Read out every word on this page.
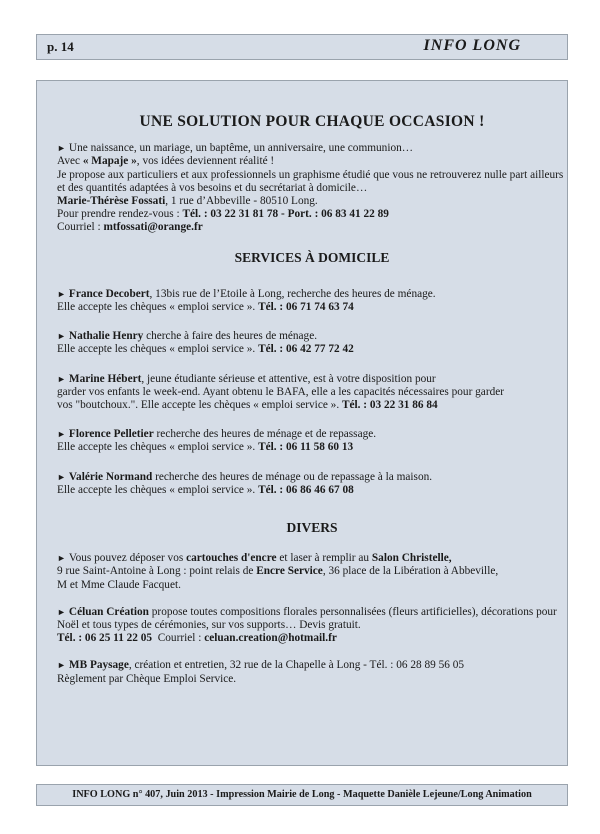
p. 14	INFO LONG
UNE SOLUTION POUR CHAQUE OCCASION !

► Une naissance, un mariage, un baptême, un anniversaire, une communion…

Avec « Mapaje », vos idées deviennent réalité !

Je propose aux particuliers et aux professionnels un graphisme étudié que vous ne retrouverez nulle part ailleurs et des quantités adaptées à vos besoins et du secrétariat à domicile…

Marie-Thérèse Fossati, 1 rue d’Abbeville - 80510 Long.

Pour prendre rendez-vous : Tél. : 03 22 31 81 78 - Port. : 06 83 41 22 89

Courriel : mtfossati@orange.fr

SERVICES À DOMICILE

► France Decobert, 13bis rue de l’Etoile à Long, recherche des heures de ménage.

Elle accepte les chèques « emploi service ». Tél. : 06 71 74 63 74

► Nathalie Henry cherche à faire des heures de ménage.

Elle accepte les chèques « emploi service ». Tél. : 06 42 77 72 42

► Marine Hébert, jeune étudiante sérieuse et attentive, est à votre disposition pour

garder vos enfants le week-end. Ayant obtenu le BAFA, elle a les capacités nécessaires pour garder

vos "boutchoux.". Elle accepte les chèques « emploi service ». Tél. : 03 22 31 86 84

► Florence Pelletier recherche des heures de ménage et de repassage.

Elle accepte les chèques « emploi service ». Tél. : 06 11 58 60 13

► Valérie Normand recherche des heures de ménage ou de repassage à la maison.

Elle accepte les chèques « emploi service ». Tél. : 06 86 46 67 08

DIVERS

► Vous pouvez déposer vos cartouches d'encre et laser à remplir au Salon Christelle,

9 rue Saint-Antoine à Long : point relais de Encre Service, 36 place de la Libération à Abbeville,

M et Mme Claude Facquet.

► Céluan Création propose toutes compositions florales personnalisées (fleurs artificielles), décorations pour Noël et tous types de cérémonies, sur vos supports… Devis gratuit.

Tél. : 06 25 11 22 05  Courriel : celuan.creation@hotmail.fr

► MB Paysage, création et entretien, 32 rue de la Chapelle à Long - Tél. : 06 28 89 56 05

Règlement par Chèque Emploi Service.

INFO LONG n° 407, Juin 2013 - Impression Mairie de Long - Maquette Danièle Lejeune/Long Animation
